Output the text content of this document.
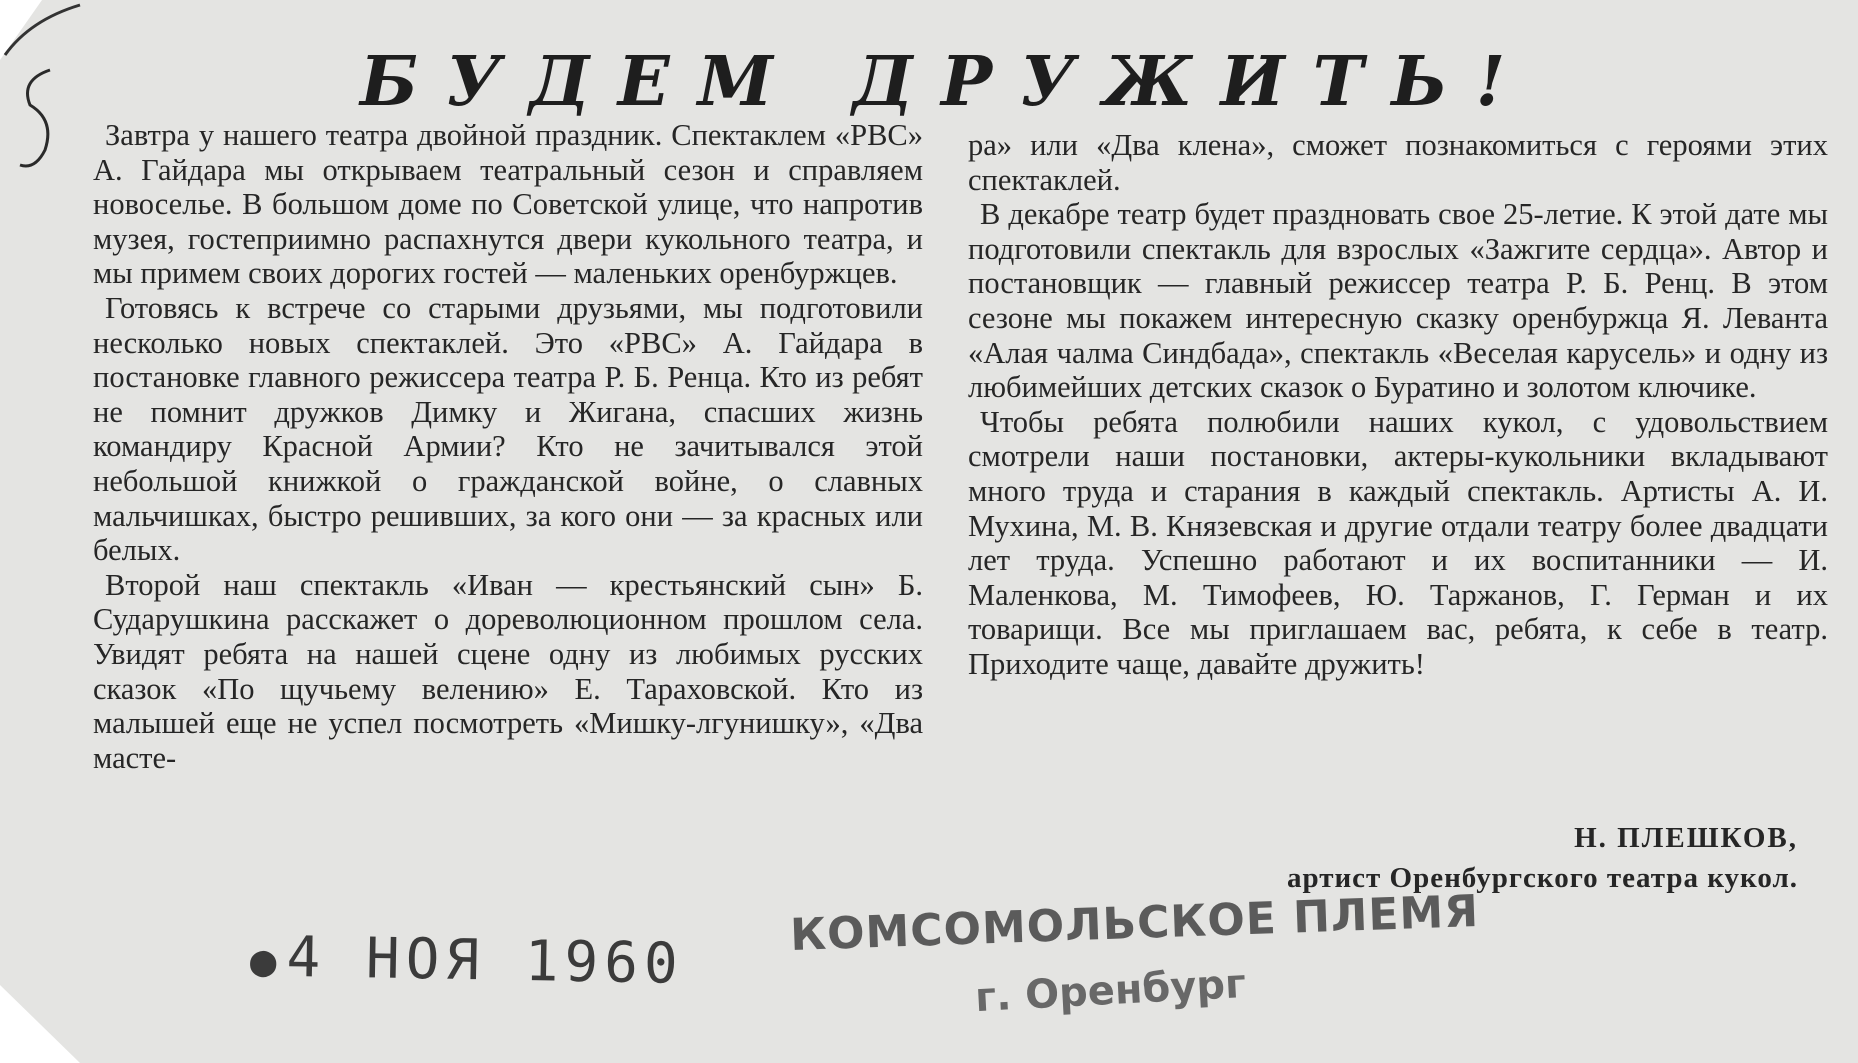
БУДЕМ ДРУЖИТЬ!

Завтра у нашего театра двойной праздник. Спектаклем «РВС» А. Гайдара мы открываем театральный сезон и справляем новоселье. В большом доме по Советской улице, что напротив музея, гостеприимно распахнутся двери кукольного театра, и мы примем своих дорогих гостей — маленьких оренбуржцев.

Готовясь к встрече со старыми друзьями, мы подготовили несколько новых спектаклей. Это «РВС» А. Гайдара в постановке главного режиссера театра Р. Б. Ренца. Кто из ребят не помнит дружков Димку и Жигана, спасших жизнь командиру Красной Армии? Кто не зачитывался этой небольшой книжкой о гражданской войне, о славных мальчишках, быстро решивших, за кого они — за красных или белых.

Второй наш спектакль «Иван — крестьянский сын» Б. Сударушкина расскажет о дореволюционном прошлом села. Увидят ребята на нашей сцене одну из любимых русских сказок «По щучьему велению» Е. Тараховской. Кто из малышей еще не успел посмотреть «Мишку-лгунишку», «Два масте-

ра» или «Два клена», сможет познакомиться с героями этих спектаклей.

В декабре театр будет праздновать свое 25-летие. К этой дате мы подготовили спектакль для взрослых «Зажгите сердца». Автор и постановщик — главный режиссер театра Р. Б. Ренц. В этом сезоне мы покажем интересную сказку оренбуржца Я. Леванта «Алая чалма Синдбада», спектакль «Веселая карусель» и одну из любимейших детских сказок о Буратино и золотом ключике.

Чтобы ребята полюбили наших кукол, с удовольствием смотрели наши постановки, актеры-кукольники вкладывают много труда и старания в каждый спектакль. Артисты А. И. Мухина, М. В. Князевская и другие отдали театру более двадцати лет труда. Успешно работают и их воспитанники — И. Маленкова, М. Тимофеев, Ю. Таржанов, Г. Герман и их товарищи. Все мы приглашаем вас, ребята, к себе в театр. Приходите чаще, давайте дружить!

Н. ПЛЕШКОВ,
артист Оренбургского театра кукол.
●4 НОЯ 1960 КОМСОМОЛЬСКОЕ ПЛЕМЯ
г. Оренбург
